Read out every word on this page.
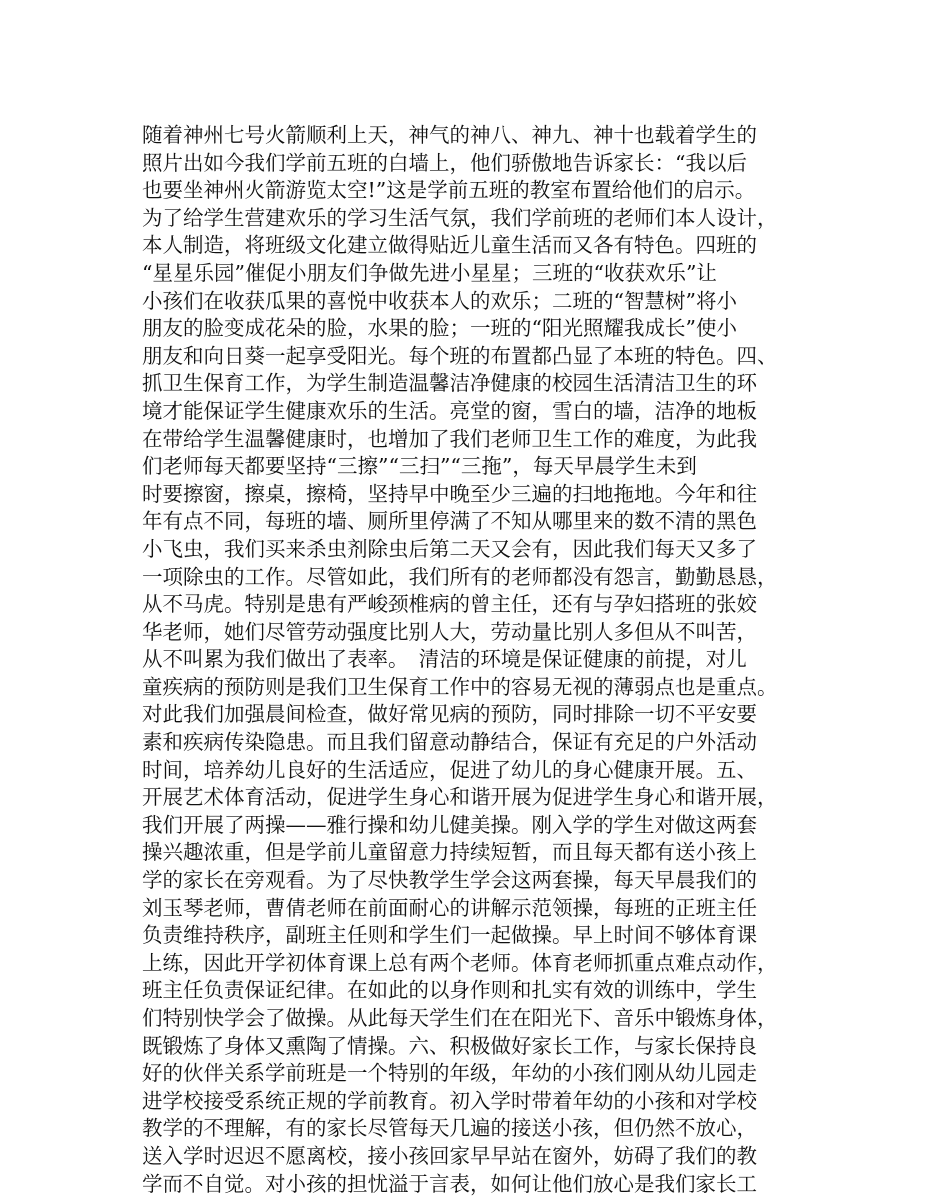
随着神州七号火箭顺利上天，神气的神八、神九、神十也载着学生的
照片出如今我们学前五班的白墙上，他们骄傲地告诉家长：“我以后
也要坐神州火箭游览太空!”这是学前五班的教室布置给他们的启示。
为了给学生营建欢乐的学习生活气氛，我们学前班的老师们本人设计，
本人制造，将班级文化建立做得贴近儿童生活而又各有特色。四班的
“星星乐园”催促小朋友们争做先进小星星；三班的“收获欢乐”让
小孩们在收获瓜果的喜悦中收获本人的欢乐；二班的“智慧树”将小
朋友的脸变成花朵的脸，水果的脸；一班的“阳光照耀我成长”使小
朋友和向日葵一起享受阳光。每个班的布置都凸显了本班的特色。四、
抓卫生保育工作，为学生制造温馨洁净健康的校园生活清洁卫生的环
境才能保证学生健康欢乐的生活。亮堂的窗，雪白的墙，洁净的地板
在带给学生温馨健康时，也增加了我们老师卫生工作的难度，为此我
们老师每天都要坚持“三擦”“三扫”“三拖”，每天早晨学生未到
时要擦窗，擦桌，擦椅，坚持早中晚至少三遍的扫地拖地。今年和往
年有点不同，每班的墙、厕所里停满了不知从哪里来的数不清的黑色
小飞虫，我们买来杀虫剂除虫后第二天又会有，因此我们每天又多了
一项除虫的工作。尽管如此，我们所有的老师都没有怨言，勤勤恳恳，
从不马虎。特别是患有严峻颈椎病的曾主任，还有与孕妇搭班的张姣
华老师，她们尽管劳动强度比别人大，劳动量比别人多但从不叫苦，
从不叫累为我们做出了表率。　清洁的环境是保证健康的前提，对儿
童疾病的预防则是我们卫生保育工作中的容易无视的薄弱点也是重点。
对此我们加强晨间检查，做好常见病的预防，同时排除一切不平安要
素和疾病传染隐患。而且我们留意动静结合，保证有充足的户外活动
时间，培养幼儿良好的生活适应，促进了幼儿的身心健康开展。五、
开展艺术体育活动，促进学生身心和谐开展为促进学生身心和谐开展，
我们开展了两操——雅行操和幼儿健美操。刚入学的学生对做这两套
操兴趣浓重，但是学前儿童留意力持续短暂，而且每天都有送小孩上
学的家长在旁观看。为了尽快教学生学会这两套操，每天早晨我们的
刘玉琴老师，曹倩老师在前面耐心的讲解示范领操，每班的正班主任
负责维持秩序，副班主任则和学生们一起做操。早上时间不够体育课
上练，因此开学初体育课上总有两个老师。体育老师抓重点难点动作，
班主任负责保证纪律。在如此的以身作则和扎实有效的训练中，学生
们特别快学会了做操。从此每天学生们在在阳光下、音乐中锻炼身体，
既锻炼了身体又熏陶了情操。六、积极做好家长工作，与家长保持良
好的伙伴关系学前班是一个特别的年级，年幼的小孩们刚从幼儿园走
进学校接受系统正规的学前教育。初入学时带着年幼的小孩和对学校
教学的不理解，有的家长尽管每天几遍的接送小孩，但仍然不放心，
送入学时迟迟不愿离校，接小孩回家早早站在窗外，妨碍了我们的教
学而不自觉。对小孩的担忧溢于言表，如何让他们放心是我们家长工
